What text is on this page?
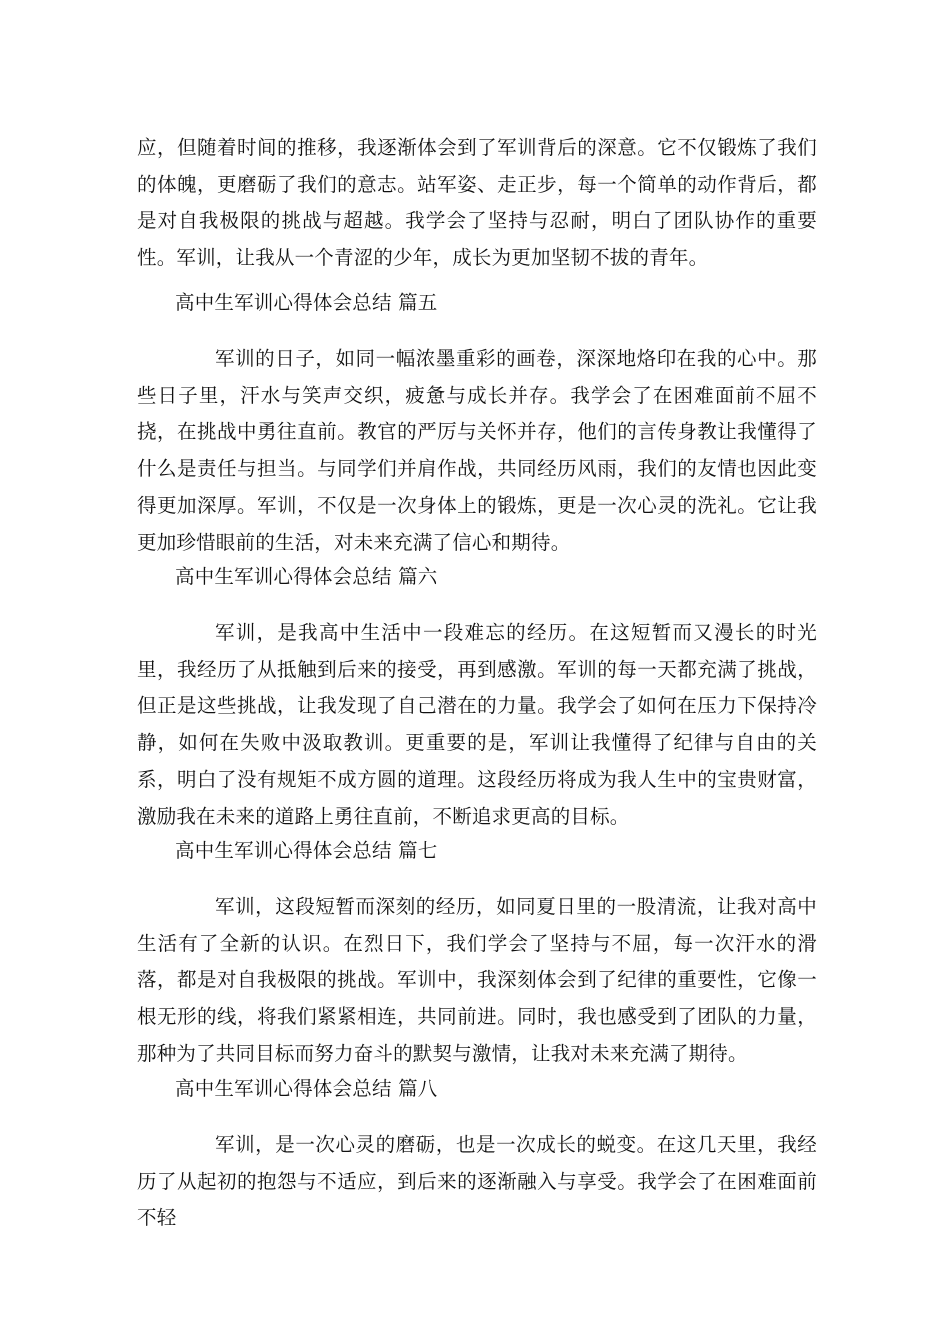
应，但随着时间的推移，我逐渐体会到了军训背后的深意。它不仅锻炼了我们的体魄，更磨砺了我们的意志。站军姿、走正步，每一个简单的动作背后，都是对自我极限的挑战与超越。我学会了坚持与忍耐，明白了团队协作的重要性。军训，让我从一个青涩的少年，成长为更加坚韧不拔的青年。

高中生军训心得体会总结 篇五

军训的日子，如同一幅浓墨重彩的画卷，深深地烙印在我的心中。那些日子里，汗水与笑声交织，疲惫与成长并存。我学会了在困难面前不屈不挠，在挑战中勇往直前。教官的严厉与关怀并存，他们的言传身教让我懂得了什么是责任与担当。与同学们并肩作战，共同经历风雨，我们的友情也因此变得更加深厚。军训，不仅是一次身体上的锻炼，更是一次心灵的洗礼。它让我更加珍惜眼前的生活，对未来充满了信心和期待。

高中生军训心得体会总结 篇六

军训，是我高中生活中一段难忘的经历。在这短暂而又漫长的时光里，我经历了从抵触到后来的接受，再到感激。军训的每一天都充满了挑战，但正是这些挑战，让我发现了自己潜在的力量。我学会了如何在压力下保持冷静，如何在失败中汲取教训。更重要的是，军训让我懂得了纪律与自由的关系，明白了没有规矩不成方圆的道理。这段经历将成为我人生中的宝贵财富，激励我在未来的道路上勇往直前，不断追求更高的目标。

高中生军训心得体会总结 篇七

军训，这段短暂而深刻的经历，如同夏日里的一股清流，让我对高中生活有了全新的认识。在烈日下，我们学会了坚持与不屈，每一次汗水的滑落，都是对自我极限的挑战。军训中，我深刻体会到了纪律的重要性，它像一根无形的线，将我们紧紧相连，共同前进。同时，我也感受到了团队的力量，那种为了共同目标而努力奋斗的默契与激情，让我对未来充满了期待。

高中生军训心得体会总结 篇八

军训，是一次心灵的磨砺，也是一次成长的蜕变。在这几天里，我经历了从起初的抱怨与不适应，到后来的逐渐融入与享受。我学会了在困难面前不轻
